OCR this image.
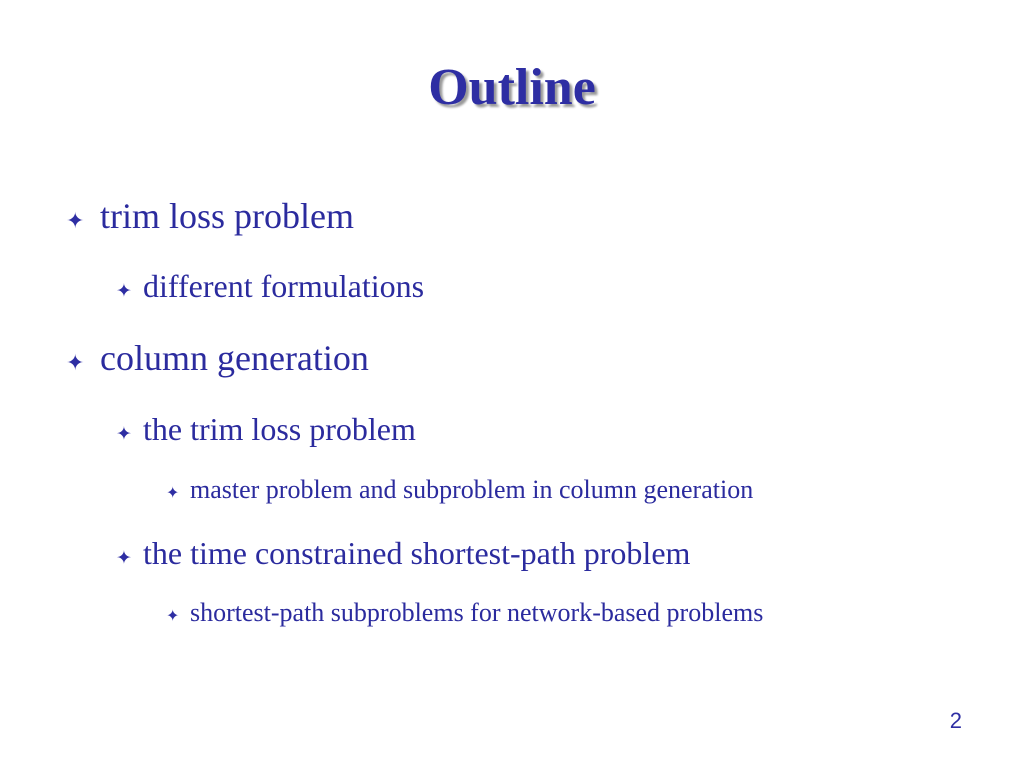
Outline
✦ trim loss problem
✦ different formulations
✦ column generation
✦ the trim loss problem
✦ master problem and subproblem in column generation
✦ the time constrained shortest-path problem
✦ shortest-path subproblems for network-based problems
2
